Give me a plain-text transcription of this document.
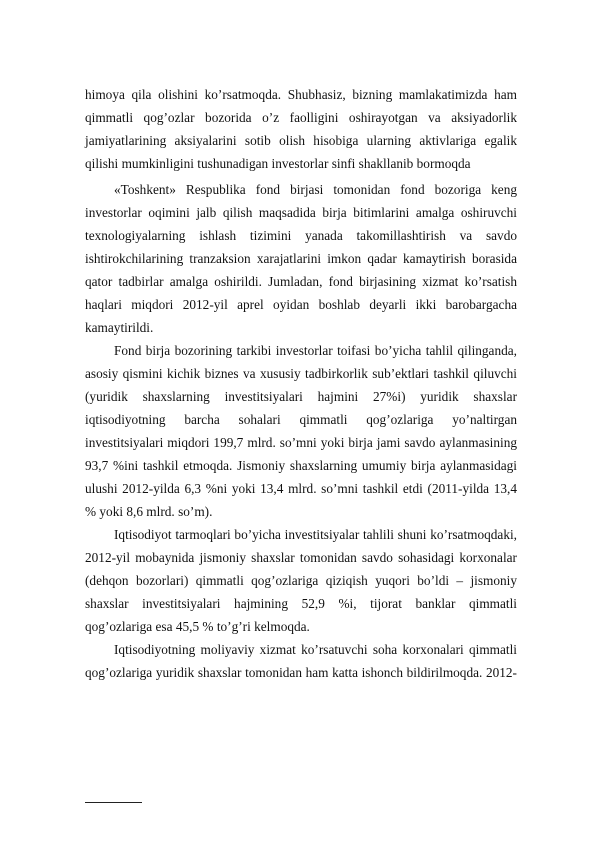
himoya qila olishini ko’rsatmoqda. Shubhasiz, bizning mamlakatimizda ham
qimmatli qog’ozlar bozorida o’z faolligini oshirayotgan va aksiyadorlik
jamiyatlarining aksiyalarini sotib olish hisobiga ularning aktivlariga egalik
qilishi mumkinligini tushunadigan investorlar sinfi shakllanib bormoqda
«Toshkent» Respublika fond birjasi tomonidan fond bozoriga keng
investorlar oqimini jalb qilish maqsadida birja bitimlarini amalga oshiruvchi
texnologiyalarning ishlash tizimini yanada takomillashtirish va savdo
ishtirokchilarining tranzaksion xarajatlarini imkon qadar kamaytirish borasida
qator tadbirlar amalga oshirildi. Jumladan, fond birjasining xizmat ko’rsatish
haqlari miqdori 2012-yil aprel oyidan boshlab deyarli ikki barobargacha
kamaytirildi.
Fond birja bozorining tarkibi investorlar toifasi bo’yicha tahlil qilinganda,
asosiy qismini kichik biznes va xususiy tadbirkorlik sub’ektlari tashkil qiluvchi
(yuridik shaxslarning investitsiyalari hajmini 27%i) yuridik shaxslar
iqtisodiyotning barcha sohalari qimmatli qog’ozlariga yo’naltirgan
investitsiyalari miqdori 199,7 mlrd. so’mni yoki birja jami savdo aylanmasining
93,7 %ini tashkil etmoqda. Jismoniy shaxslarning umumiy birja aylanmasidagi
ulushi 2012-yilda 6,3 %ni yoki 13,4 mlrd. so’mni tashkil etdi (2011-yilda 13,4
% yoki 8,6 mlrd. so’m).
Iqtisodiyot tarmoqlari bo’yicha investitsiyalar tahlili shuni ko’rsatmoqdaki,
2012-yil mobaynida jismoniy shaxslar tomonidan savdo sohasidagi korxonalar
(dehqon bozorlari) qimmatli qog’ozlariga qiziqish yuqori bo’ldi – jismoniy
shaxslar investitsiyalari hajmining 52,9 %i, tijorat banklar qimmatli
qog’ozlariga esa 45,5 % to’g’ri kelmoqda.
Iqtisodiyotning moliyaviy xizmat ko’rsatuvchi soha korxonalari qimmatli
qog’ozlariga yuridik shaxslar tomonidan ham katta ishonch bildirilmoqda. 2012-
